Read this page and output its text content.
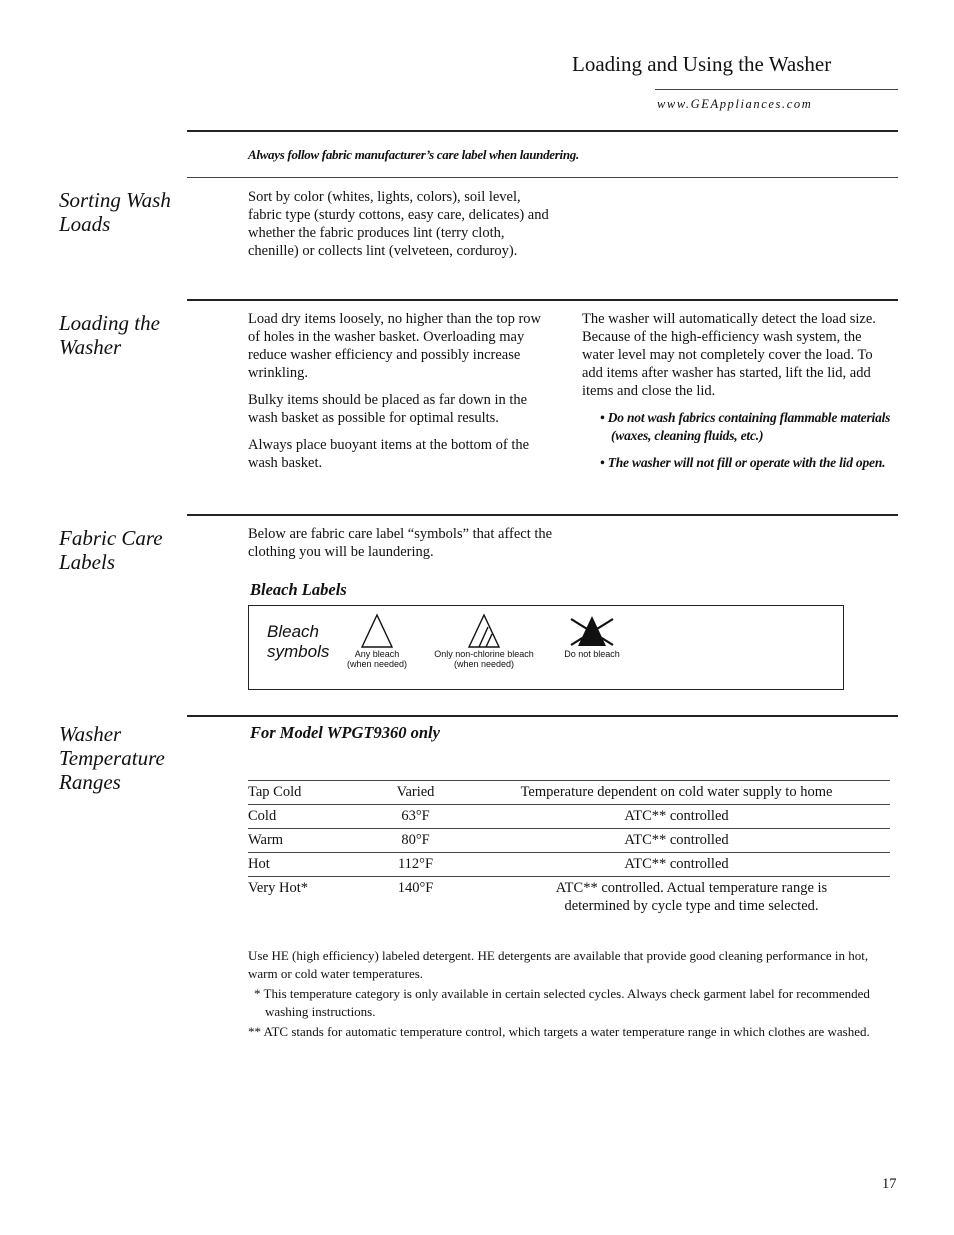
Loading and Using the Washer
www.GEAppliances.com
Always follow fabric manufacturer’s care label when laundering.
Sorting Wash Loads
Sort by color (whites, lights, colors), soil level, fabric type (sturdy cottons, easy care, delicates) and whether the fabric produces lint (terry cloth, chenille) or collects lint (velveteen, corduroy).
Loading the Washer

Load dry items loosely, no higher than the top row of holes in the washer basket. Overloading may reduce washer efficiency and possibly increase wrinkling.

Bulky items should be placed as far down in the wash basket as possible for optimal results.

Always place buoyant items at the bottom of the wash basket.

The washer will automatically detect the load size. Because of the high-efficiency wash system, the water level may not completely cover the load. To add items after washer has started, lift the lid, add items and close the lid.

• Do not wash fabrics containing flammable materials (waxes, cleaning fluids, etc.)
• The washer will not fill or operate with the lid open.
Fabric Care Labels
Below are fabric care label “symbols” that affect the clothing you will be laundering.
Bleach Labels
Bleach symbols	Any bleach
(when needed)
Only non-chlorine bleach
(when needed)
Do not bleach
Washer Temperature Ranges
For Model WPGT9360 only
Tap Cold	Varied	Temperature dependent on cold water supply to home
Cold	63°F	ATC** controlled
Warm	80°F	ATC** controlled
Hot	112°F	ATC** controlled
Very Hot*	140°F	ATC** controlled. Actual temperature range is determined by cycle type and time selected.

Use HE (high efficiency) labeled detergent. HE detergents are available that provide good cleaning performance in hot, warm or cold water temperatures.

* This temperature category is only available in certain selected cycles. Always check garment label for recommended washing instructions.

** ATC stands for automatic temperature control, which targets a water temperature range in which clothes are washed.

17
